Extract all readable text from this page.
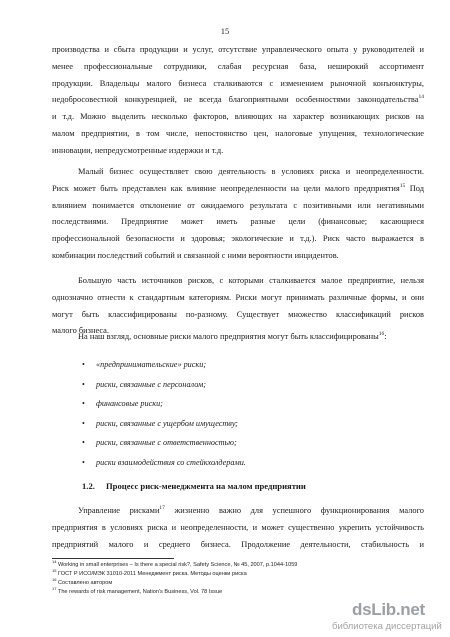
15
производства и сбыта продукции и услуг, отсутствие управленческого опыта у руководителей и
менее профессиональные сотрудники, слабая ресурсная база, неширокий ассортимент
продукции. Владельцы малого бизнеса сталкиваются с изменением рыночной конъюнктуры,
недобросовестной конкуренцией, не всегда благоприятными особенностями законодательства$^{14}$
и т.д. Можно выделить несколько факторов, влияющих на характер возникающих рисков на
малом предприятии, в том числе, непостоянство цен, налоговые упущения, технологические
инновации, непредусмотренные издержки и т.д.
Малый бизнес осуществляет свою деятельность в условиях риска и неопределенности.
Риск может быть представлен как влияние неопределенности на цели малого предприятия$^{15}$ Под
влиянием понимается отклонение от ожидаемого результата с позитивными или негативными
последствиями. Предприятие может иметь разные цели (финансовые; касающиеся
профессиональной безопасности и здоровья; экологические и т.д.). Риск часто выражается в
комбинации последствий событий и связанной с ними вероятности инцидентов.
Большую часть источников рисков, с которыми сталкивается малое предприятие, нельзя
однозначно отнести к стандартным категориям. Риски могут принимать различные формы, и они
могут быть классифицированы по-разному. Существует множество классификаций рисков
малого бизнеса.
На наш взгляд, основные риски малого предприятия могут быть классифицированы$^{16}$:
• «предпринимательские» риски;
• риски, связанные с персоналом;
• финансовые риски;
• риски, связанные с ущербом имуществу;
• риски, связанные с ответственностью;
• риски взаимодействия со стейкхолдерами.
1.2. Процесс риск-менеджмента на малом предприятии
Управление рисками$^{17}$ жизненно важно для успешного функционирования малого
предприятия в условиях риска и неопределенности, и может существенно укрепить устойчивость
предприятий малого и среднего бизнеса. Продолжение деятельности, стабильность и
$^{14}$ Working in small enterprises – Is there a special risk?, Safety Science, № 45, 2007, p.1044-1059
$^{15}$ ГОСТ Р ИСО/МЭК 31010-2011 Менеджмент риска. Методы оценки риска
$^{16}$ Составлено автором
$^{17}$ The rewards of risk management, Nation's Business, Vol. 78 Issue
dsLib.net
библиотека диссертаций
